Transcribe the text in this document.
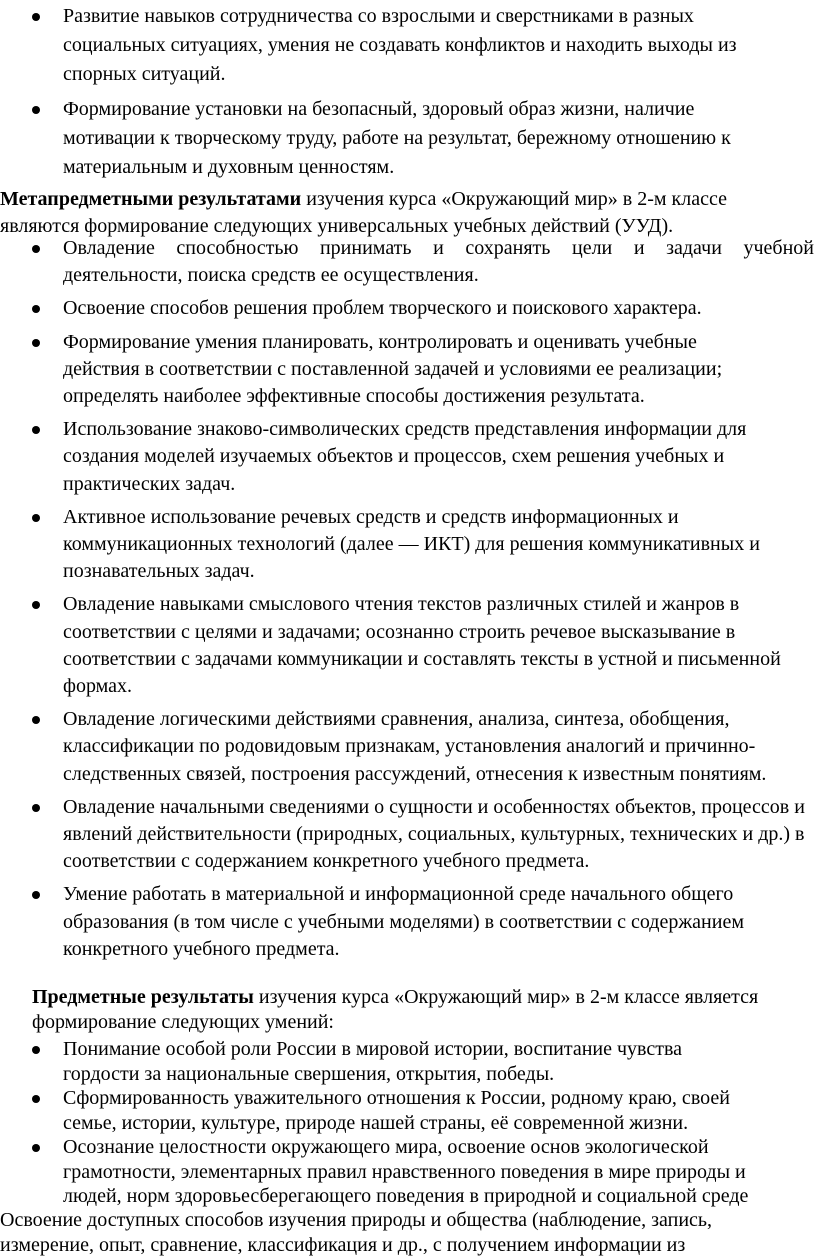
Развитие навыков сотрудничества со взрослыми и сверстниками в разных социальных ситуациях, умения не создавать конфликтов и находить выходы из спорных ситуаций.
Формирование установки на безопасный, здоровый образ жизни, наличие мотивации к творческому труду, работе на результат, бережному отношению к материальным и духовным ценностям.
Метапредметными результатами изучения курса «Окружающий мир» в 2-м классе являются формирование следующих универсальных учебных действий (УУД).
Овладение способностью принимать и сохранять цели и задачи учебной
деятельности, поиска средств ее осуществления.
Освоение способов решения проблем творческого и поискового характера.
Формирование умения планировать, контролировать и оценивать учебные действия в соответствии с поставленной задачей и условиями ее реализации; определять наиболее эффективные способы достижения результата.
Использование знаково-символических средств представления информации для создания моделей изучаемых объектов и процессов, схем решения учебных и практических задач.
Активное использование речевых средств и средств информационных и коммуникационных технологий (далее — ИКТ) для решения коммуникативных и познавательных задач.
Овладение навыками смыслового чтения текстов различных стилей и жанров в соответствии с целями и задачами; осознанно строить речевое высказывание в соответствии с задачами коммуникации и составлять тексты в устной и письменной формах.
Овладение логическими действиями сравнения, анализа, синтеза, обобщения, классификации по родовидовым признакам, установления аналогий и причинно-следственных связей, построения рассуждений, отнесения к известным понятиям.
Овладение начальными сведениями о сущности и особенностях объектов, процессов и явлений действительности (природных, социальных, культурных, технических и др.) в соответствии с содержанием конкретного учебного предмета.
Умение работать в материальной и информационной среде начального общего образования (в том числе с учебными моделями) в соответствии с содержанием конкретного учебного предмета.
Предметные результаты изучения курса «Окружающий мир» в 2-м классе является формирование следующих умений:
Понимание особой роли России в мировой истории, воспитание чувства гордости за национальные свершения, открытия, победы.
Сформированность уважительного отношения к России, родному краю, своей семье, истории, культуре, природе нашей страны, её современной жизни.
Осознание целостности окружающего мира, освоение основ экологической грамотности, элементарных правил нравственного поведения в мире природы и людей, норм здоровьесберегающего поведения в природной и социальной среде
Освоение доступных способов изучения природы и общества (наблюдение, запись, измерение, опыт, сравнение, классификация и др., с получением информации из
